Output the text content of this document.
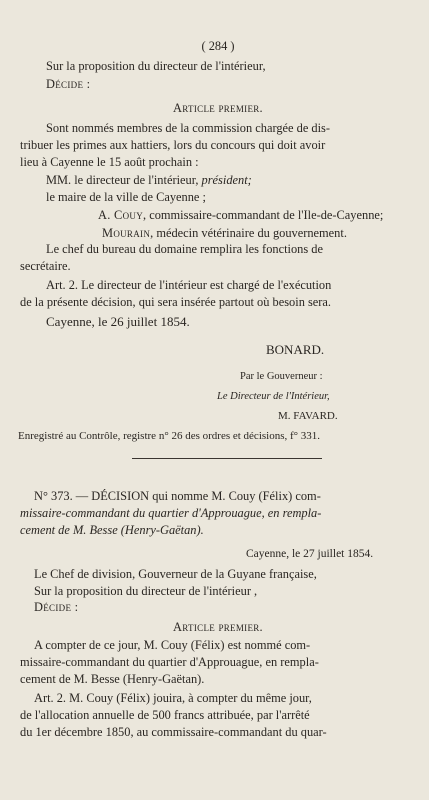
( 284 )
Sur la proposition du directeur de l'intérieur,
Décide :
Article premier.
Sont nommés membres de la commission chargée de dis-
tribuer les primes aux hattiers, lors du concours qui doit avoir
lieu à Cayenne le 15 août prochain :
MM. le directeur de l'intérieur, président;
le maire de la ville de Cayenne ;
A. Couy, commissaire-commandant de l'Ile-de-Cayenne;
Mourain, médecin vétérinaire du gouvernement.
Le chef du bureau du domaine remplira les fonctions de
secrétaire.
Art. 2. Le directeur de l'intérieur est chargé de l'exécution
de la présente décision, qui sera insérée partout où besoin sera.
Cayenne, le 26 juillet 1854.
BONARD.
Par le Gouverneur :
Le Directeur de l'Intérieur,
M. FAVARD.
Enregistré au Contrôle, registre n° 26 des ordres et décisions, f° 331.
N° 373. — DÉCISION qui nomme M. Couy (Félix) com-
missaire-commandant du quartier d'Approuague, en rempla-
cement de M. Besse (Henry-Gaëtan).
Cayenne, le 27 juillet 1854.
Le Chef de division, Gouverneur de la Guyane française,
Sur la proposition du directeur de l'intérieur ,
Décide :
Article premier.
A compter de ce jour, M. Couy (Félix) est nommé com-
missaire-commandant du quartier d'Approuague, en rempla-
cement de M. Besse (Henry-Gaëtan).
Art. 2. M. Couy (Félix) jouira, à compter du même jour,
de l'allocation annuelle de 500 francs attribuée, par l'arrêté
du 1er décembre 1850, au commissaire-commandant du quar-
